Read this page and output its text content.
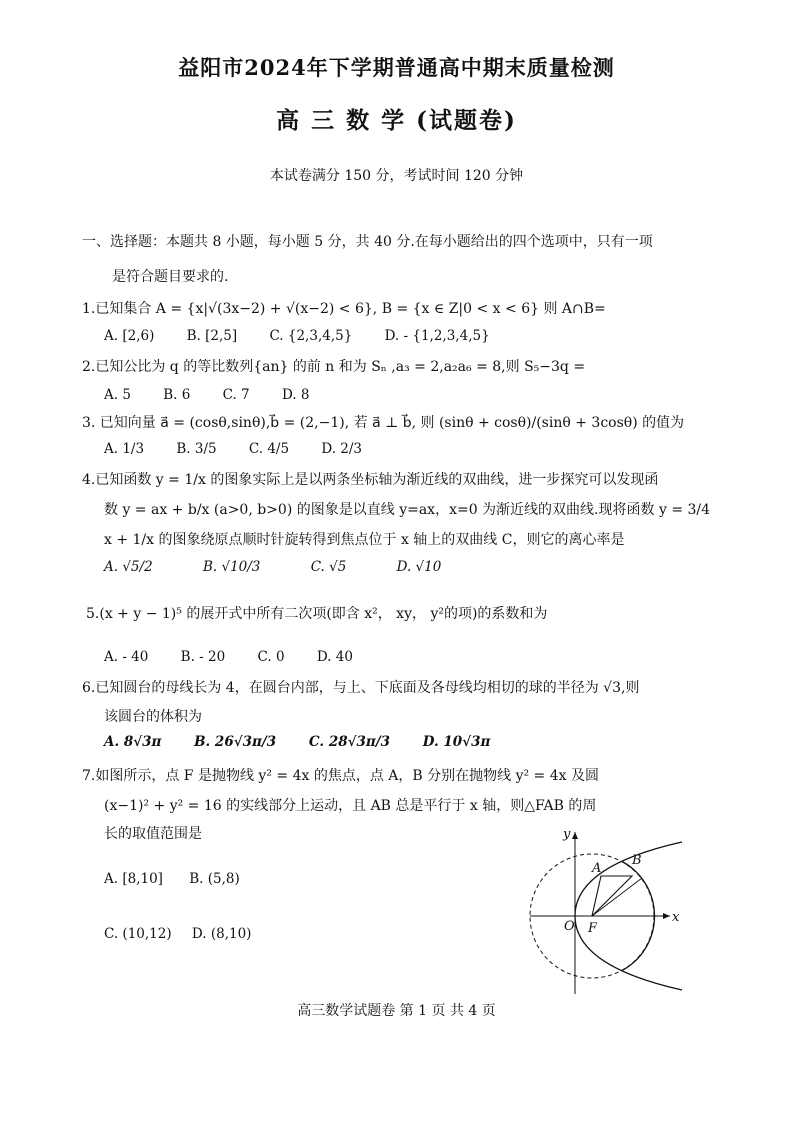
益阳市2024年下学期普通高中期末质量检测
高 三 数 学 (试题卷)
本试卷满分 150 分，考试时间 120 分钟
一、选择题：本题共 8 小题，每小题 5 分，共 40 分.在每小题给出的四个选项中，只有一项
是符合题目要求的.
1.已知集合 A = {x|√(3x−2) + √(x−2) < 6}, B = {x ∈ Z|0 < x < 6} 则 A∩B=
A. [2,6) B. [2,5] C. {2,3,4,5} D. - {1,2,3,4,5}
2.已知公比为 q 的等比数列{an} 的前 n 和为 Sₙ ,a₃ = 2,a₂a₆ = 8,则 S₅−3q =
A. 5 B. 6 C. 7 D. 8
3. 已知向量 a⃗ = (cosθ,sinθ),b⃗ = (2,−1), 若 a⃗ ⊥ b⃗, 则 (sinθ + cosθ)/(sinθ + 3cosθ) 的值为
A. 1/3 B. 3/5 C. 4/5 D. 2/3
4.已知函数 y = 1/x 的图象实际上是以两条坐标轴为渐近线的双曲线，进一步探究可以发现函
数 y = ax + b/x (a>0, b>0) 的图象是以直线 y=ax，x=0 为渐近线的双曲线.现将函数 y = 3/4
x + 1/x 的图象绕原点顺时针旋转得到焦点位于 x 轴上的双曲线 C，则它的离心率是
A. √5/2	B. √10/3	C. √5	D. √10
5.(x + y − 1)⁵ 的展开式中所有二次项(即含 x²， xy， y²的项)的系数和为
A. - 40 B. - 20 C. 0 D. 40
6.已知圆台的母线长为 4，在圆台内部，与上、下底面及各母线均相切的球的半径为 √3,则
该圆台的体积为
A. 8√3π B. 26√3π/3 C. 28√3π/3 D. 10√3π
7.如图所示，点 F 是抛物线 y² = 4x 的焦点，点 A，B 分别在抛物线 y² = 4x 及圆
(x−1)² + y² = 16 的实线部分上运动，且 AB 总是平行于 x 轴，则△FAB 的周
长的取值范围是
A. [8,10] B. (5,8)
C. (10,12) D. (8,10)
y
x
O F
A
B
高三数学试题卷 第 1 页 共 4 页
